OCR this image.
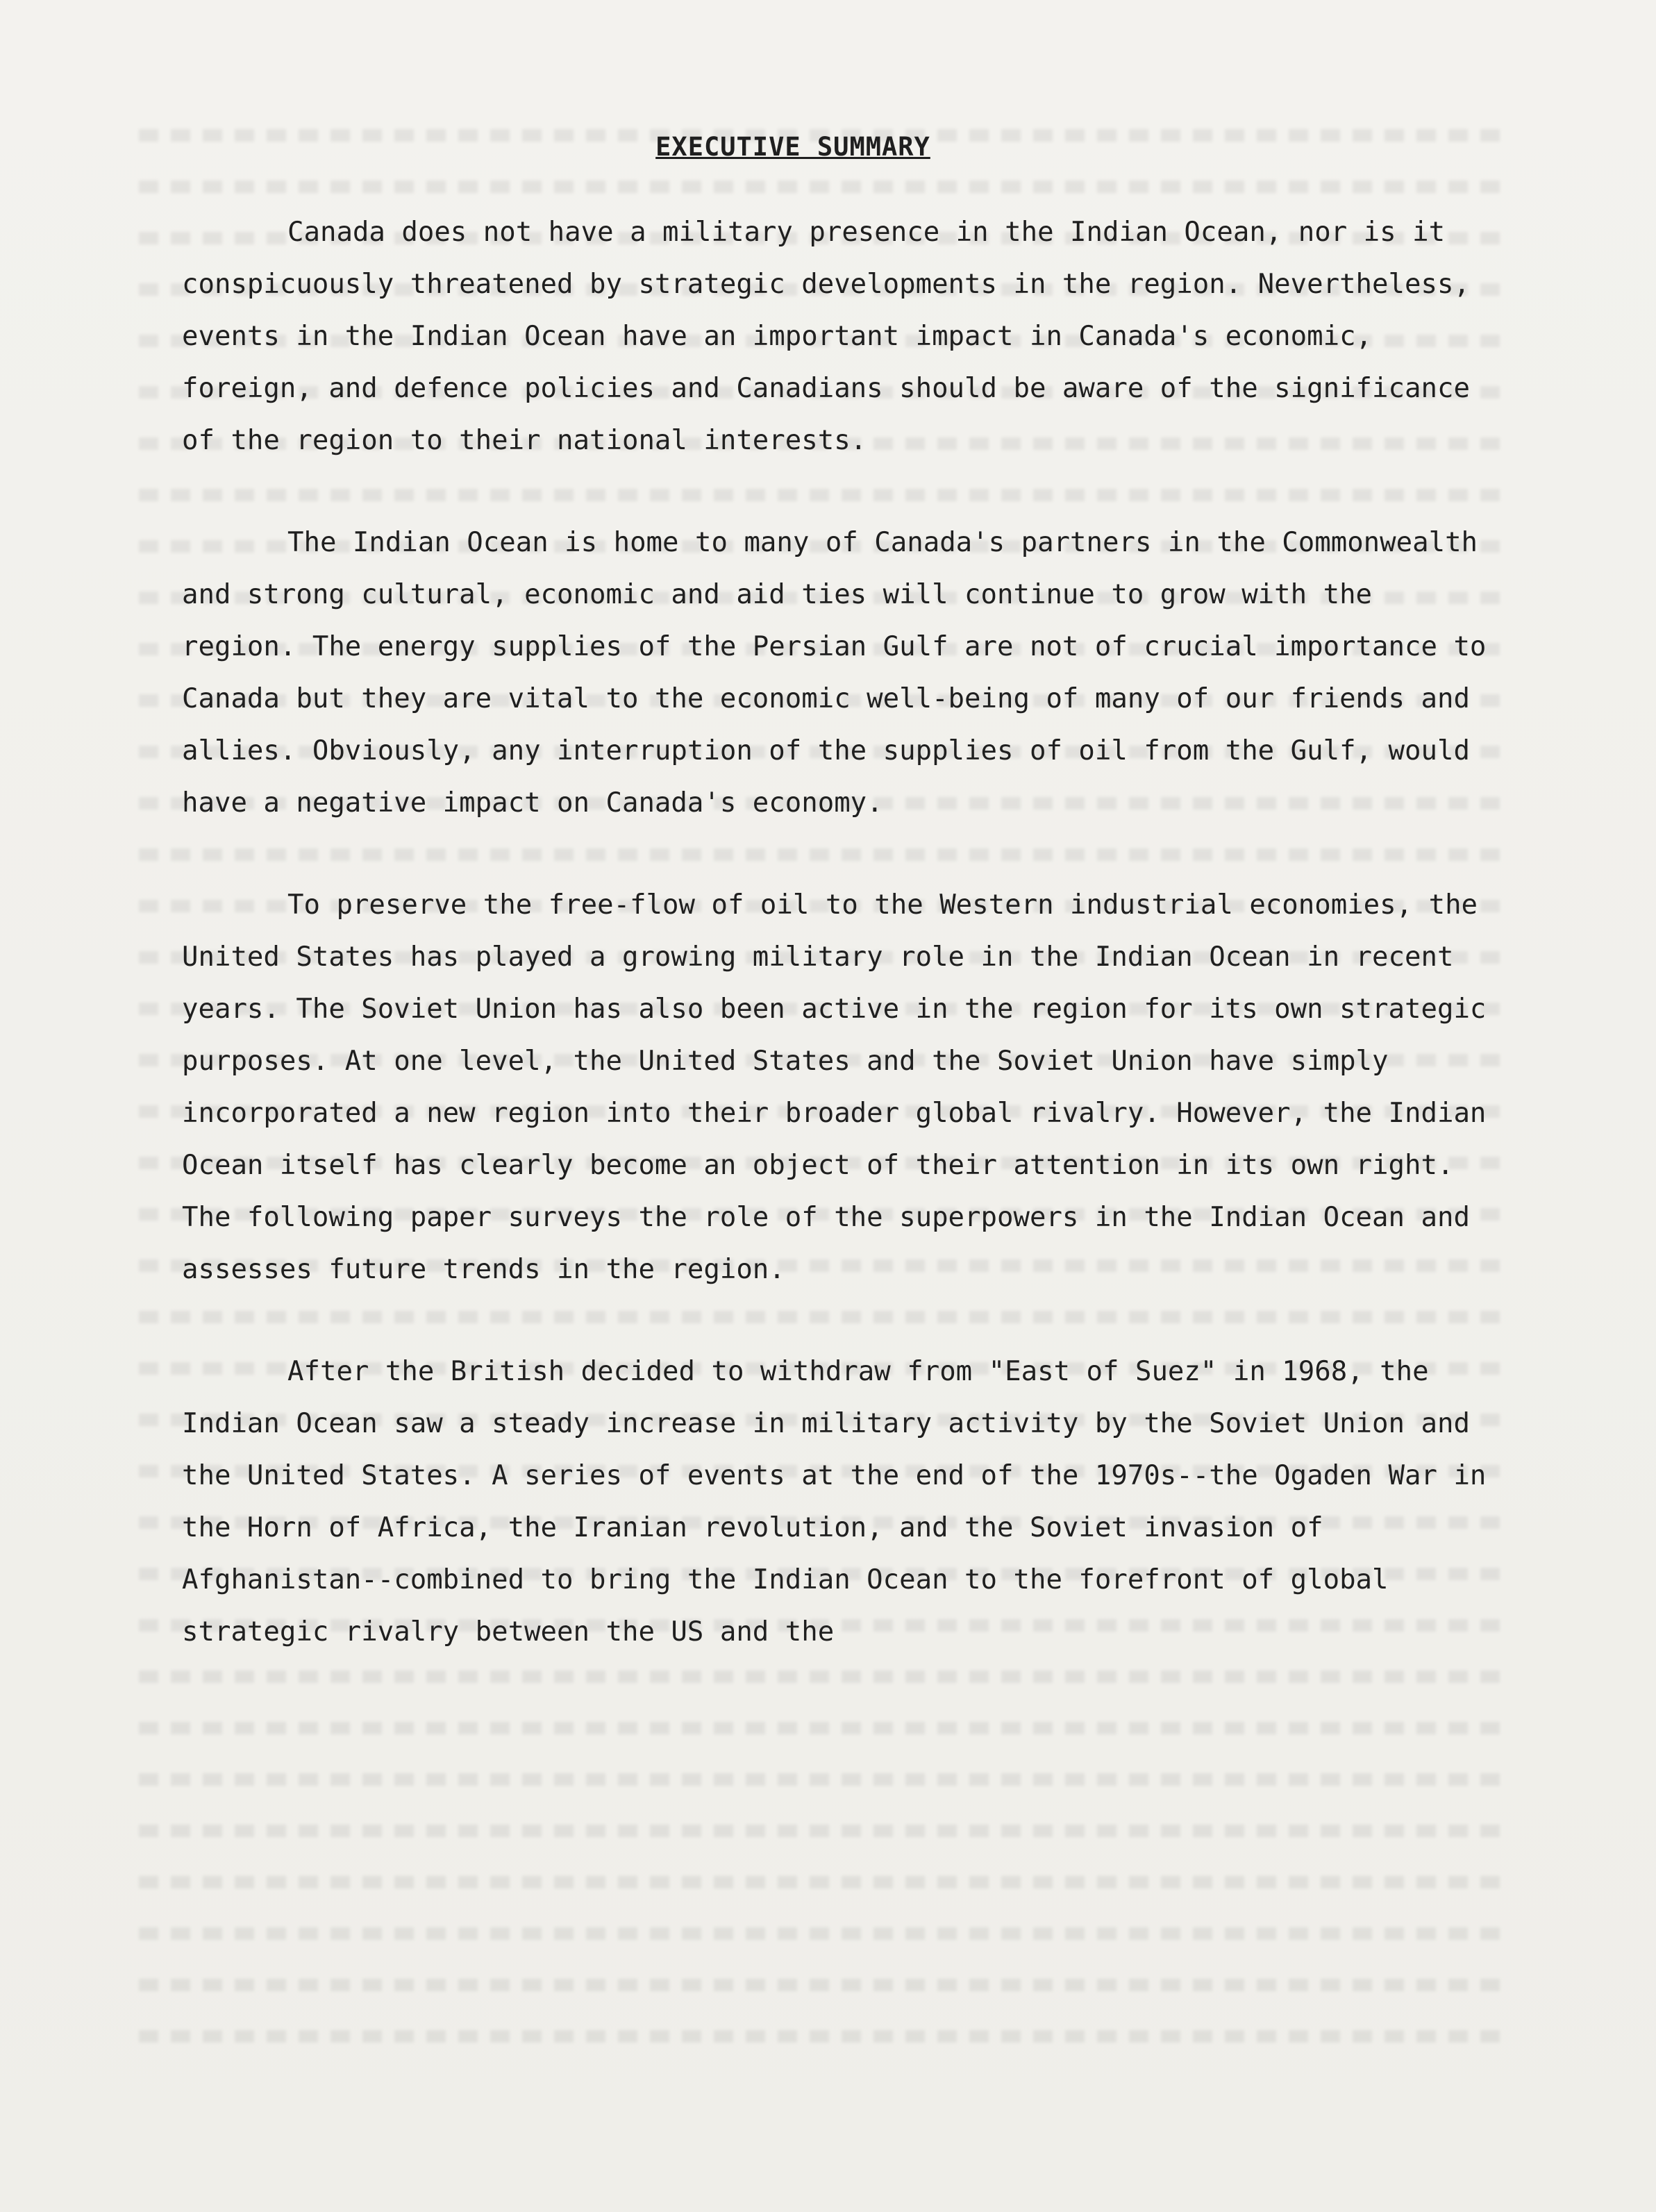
EXECUTIVE SUMMARY

Canada does not have a military presence in the Indian Ocean, nor is it conspicuously threatened by strategic developments in the region. Nevertheless, events in the Indian Ocean have an important impact in Canada's economic, foreign, and defence policies and Canadians should be aware of the significance of the region to their national interests.

The Indian Ocean is home to many of Canada's partners in the Commonwealth and strong cultural, economic and aid ties will continue to grow with the region. The energy supplies of the Persian Gulf are not of crucial importance to Canada but they are vital to the economic well-being of many of our friends and allies. Obviously, any interruption of the supplies of oil from the Gulf, would have a negative impact on Canada's economy.

To preserve the free-flow of oil to the Western industrial economies, the United States has played a growing military role in the Indian Ocean in recent years. The Soviet Union has also been active in the region for its own strategic purposes. At one level, the United States and the Soviet Union have simply incorporated a new region into their broader global rivalry. However, the Indian Ocean itself has clearly become an object of their attention in its own right. The following paper surveys the role of the superpowers in the Indian Ocean and assesses future trends in the region.

After the British decided to withdraw from "East of Suez" in 1968, the Indian Ocean saw a steady increase in military activity by the Soviet Union and the United States. A series of events at the end of the 1970s--the Ogaden War in the Horn of Africa, the Iranian revolution, and the Soviet invasion of Afghanistan--combined to bring the Indian Ocean to the forefront of global strategic rivalry between the US and the
